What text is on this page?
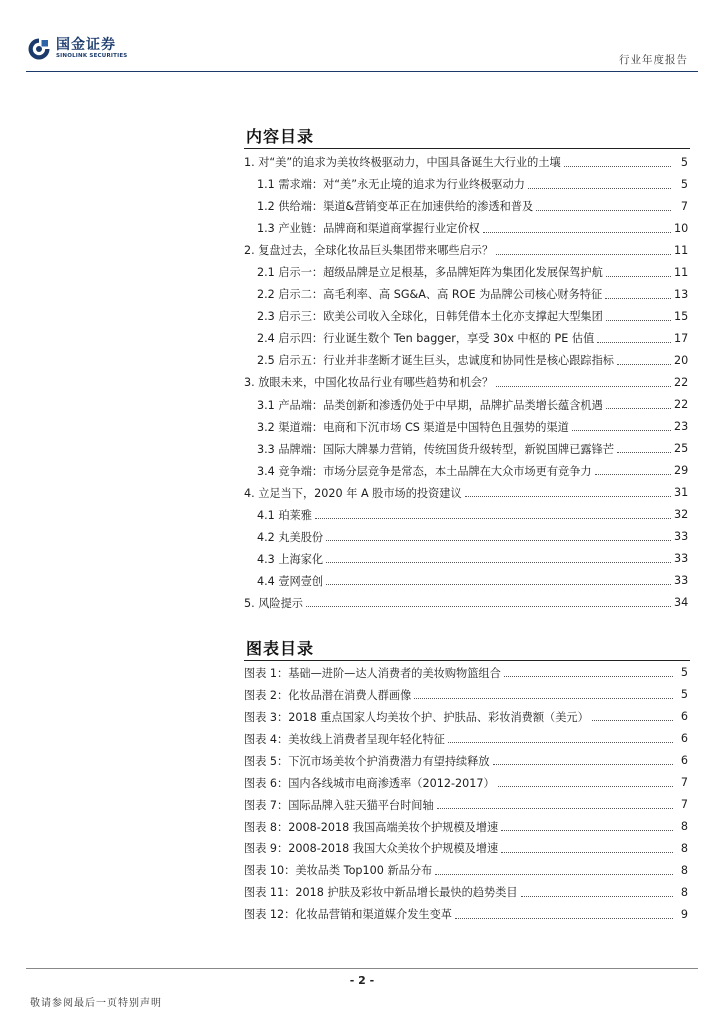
国金证券
SINOLINK SECURITIES	行业年度报告
内容目录
1. 对“美”的追求为美妆终极驱动力，中国具备诞生大行业的土壤	5
1.1 需求端：对“美”永无止境的追求为行业终极驱动力	5
1.2 供给端：渠道&营销变革正在加速供给的渗透和普及	7
1.3 产业链：品牌商和渠道商掌握行业定价权	10
2. 复盘过去，全球化妆品巨头集团带来哪些启示？	11
2.1 启示一：超级品牌是立足根基，多品牌矩阵为集团化发展保驾护航	11
2.2 启示二：高毛利率、高 SG&A、高 ROE 为品牌公司核心财务特征	13
2.3 启示三：欧美公司收入全球化，日韩凭借本土化亦支撑起大型集团	15
2.4 启示四：行业诞生数个 Ten bagger，享受 30x 中枢的 PE 估值	17
2.5 启示五：行业并非垄断才诞生巨头，忠诚度和协同性是核心跟踪指标	20
3. 放眼未来，中国化妆品行业有哪些趋势和机会？	22
3.1 产品端：品类创新和渗透仍处于中早期，品牌扩品类增长蕴含机遇	22
3.2 渠道端：电商和下沉市场 CS 渠道是中国特色且强势的渠道	23
3.3 品牌端：国际大牌暴力营销，传统国货升级转型，新锐国牌已露锋芒	25
3.4 竞争端：市场分层竞争是常态，本土品牌在大众市场更有竞争力	29
4. 立足当下，2020 年 A 股市场的投资建议	31
4.1 珀莱雅	32
4.2 丸美股份	33
4.3 上海家化	33
4.4 壹网壹创	33
5. 风险提示	34
图表目录
图表 1：基础—进阶—达人消费者的美妆购物篮组合	5
图表 2：化妆品潜在消费人群画像	5
图表 3：2018 重点国家人均美妆个护、护肤品、彩妆消费额（美元）	6
图表 4：美妆线上消费者呈现年轻化特征	6
图表 5：下沉市场美妆个护消费潜力有望持续释放	6
图表 6：国内各线城市电商渗透率（2012-2017）	7
图表 7：国际品牌入驻天猫平台时间轴	7
图表 8：2008-2018 我国高端美妆个护规模及增速	8
图表 9：2008-2018 我国大众美妆个护规模及增速	8
图表 10：美妆品类 Top100 新品分布	8
图表 11：2018 护肤及彩妆中新品增长最快的趋势类目	8
图表 12：化妆品营销和渠道媒介发生变革	9
- 2 -
敬请参阅最后一页特别声明
